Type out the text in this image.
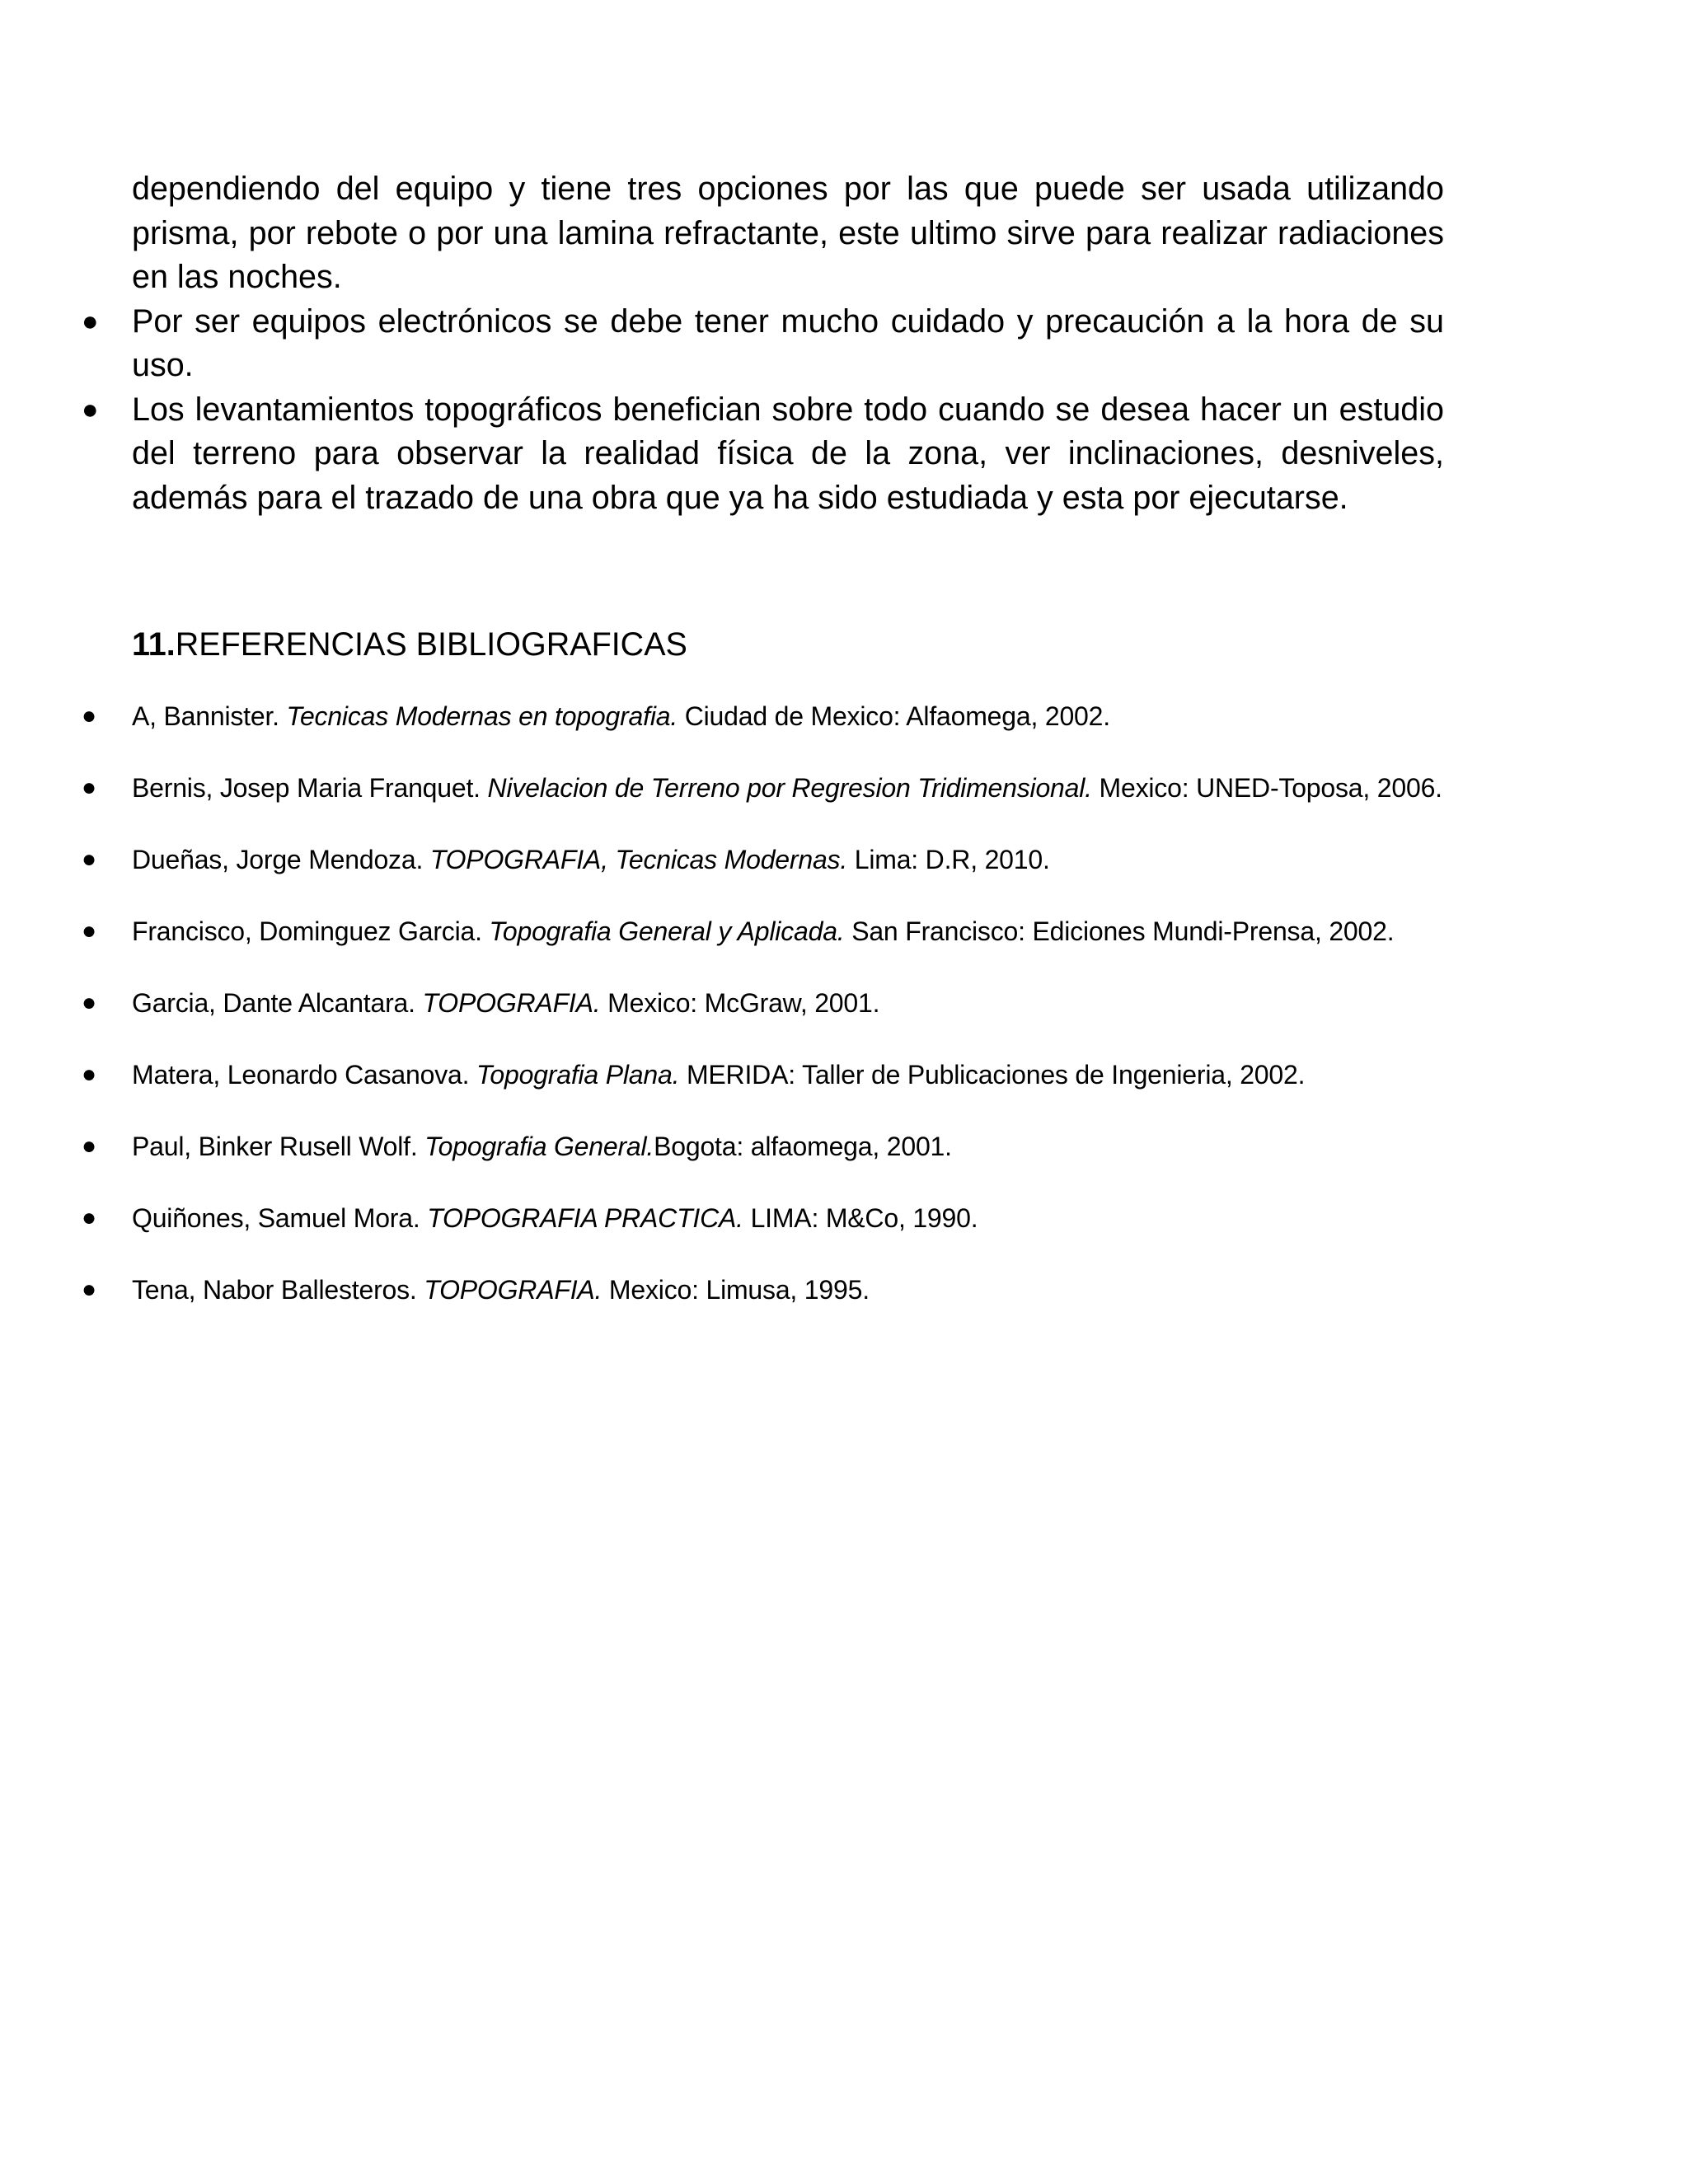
dependiendo del equipo y tiene tres opciones por las que puede ser usada utilizando prisma, por rebote o por una lamina refractante, este ultimo sirve para realizar radiaciones en las noches.

● Por ser equipos electrónicos se debe tener mucho cuidado y precaución a la hora de su uso.
● Los levantamientos topográficos benefician sobre todo cuando se desea hacer un estudio del terreno para observar la realidad física de la zona, ver inclinaciones, desniveles, además para el trazado de una obra que ya ha sido estudiada y esta por ejecutarse.
11.REFERENCIAS BIBLIOGRAFICAS
● A, Bannister. Tecnicas Modernas en topografia. Ciudad de Mexico: Alfaomega, 2002.
● Bernis, Josep Maria Franquet. Nivelacion de Terreno por Regresion Tridimensional. Mexico: UNED-Toposa, 2006.
● Dueñas, Jorge Mendoza. TOPOGRAFIA, Tecnicas Modernas. Lima: D.R, 2010.
● Francisco, Dominguez Garcia. Topografia General y Aplicada. San Francisco: Ediciones Mundi-Prensa, 2002.
● Garcia, Dante Alcantara. TOPOGRAFIA. Mexico: McGraw, 2001.
● Matera, Leonardo Casanova. Topografia Plana. MERIDA: Taller de Publicaciones de Ingenieria, 2002.
● Paul, Binker Rusell Wolf. Topografia General.Bogota: alfaomega, 2001.
● Quiñones, Samuel Mora. TOPOGRAFIA PRACTICA. LIMA: M&Co, 1990.
● Tena, Nabor Ballesteros. TOPOGRAFIA. Mexico: Limusa, 1995.
